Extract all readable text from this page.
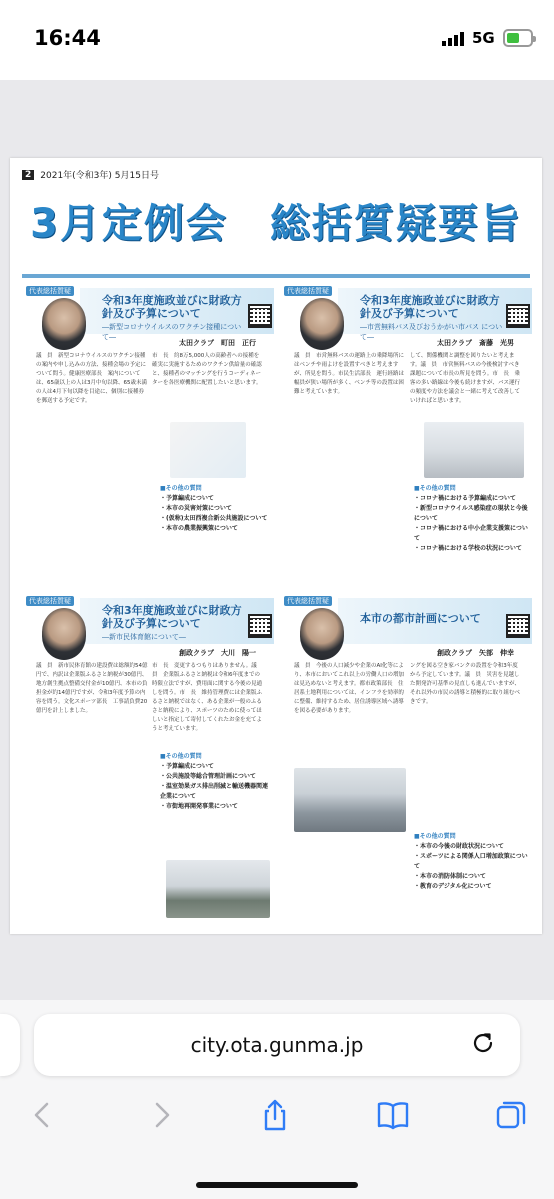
16:44	5G
2	2021年(令和3年) 5月15日号
3月定例会　総括質疑要旨
代表総括質疑
令和3年度施政並びに財政方針及び予算について
―新型コロナウイルスのワクチン接種について―
太田クラブ　町田　正行
議　員　新型コロナウイルスのワクチン接種の案内や申し込みの方法、接種会場の予定について問う。健康医療部長　案内については、65歳以上の人は3月中旬以降、65歳未満の人は4月下旬以降を目途に、個別に接種券を郵送する予定です。
市　長　約8万5,000人の高齢者への接種を確実に実施するためのワクチン供給量の確認と、接種者のマッチングを行うコーディネーターを各医療機関に配置したいと思います。
■その他の質問
・予算編成について
・本市の災害対策について
・(仮称)太田西複合新公共施設について
・本市の農業振興策について
代表総括質疑
令和3年度施政並びに財政方針及び予算について
―市営無料バス及びおうかがい市バス について―
太田クラブ　斎藤　光男
議　員　市営無料バスの運路上の乗降場所にはベンチや雨よけを設置すべきと考えますが、所見を問う。市民生活部長　運行経路は幅員が狭い場所が多く、ベンチ等の設置は困難と考えています。
して、関係機関と調整を図りたいと考えます。議　員　市営無料バスの今後検討すべき課題について市長の所見を問う。市　長　乗客の多い路線は今後も続けますが、バス運行の頻度や方法を議会と一緒に考えて改善していければと思います。
■その他の質問
・コロナ禍における予算編成について
・新型コロナウイルス感染症の現状と今後について
・コロナ禍における中小企業支援策について
・コロナ禍における学校の状況について
代表総括質疑
令和3年度施政並びに財政方針及び予算について
―新市民体育館について―
創政クラブ　大川　陽一
議　員　新市民体育館の建設費は総額約54億円で、内訳は企業版ふるさと納税が30億円、地方創生拠点整備交付金が10億円、本市の負担金が約14億円ですが、令和3年度予算の内容を問う。文化スポーツ部長　工事請負費20億円を計上しました。
市　長　変更するつもりはありません。議　員　企業版ふるさと納税は令和6年度までの時限立法ですが、費用面に関する今後の見通しを問う。市　長　維持管理費には企業版ふるさと納税ではなく、ある企業が一般のふるさと納税により、スポーツのために使ってほしいと指定して寄付してくれたお金を充てようと考えています。
■その他の質問
・予算編成について
・公共施設等総合管理計画について
・温室効果ガス排出削減と輸送機器関連企業について
・市街地再開発事業について
代表総括質疑
本市の都市計画について
創政クラブ　矢部　伸幸
議　員　今後の人口減少や企業のAI化等により、本市においてこれ以上の労働人口の増加は見込めないと考えます。都市政策部長　住居系土地利用については、インフラを効率的に整備、維持するため、居住誘導区域へ誘導を図る必要があります。
ングを図る空き家バンクの設置を令和3年度から予定しています。議　員　災害を見越した開発許可基準の見直しも進んでいますが、それ以外の市民の誘導と積極的に取り組むべきです。
■その他の質問
・本市の今後の財政状況について
・スポーツによる関係人口増加政策について
・本市の消防体制について
・教育のデジタル化について
city.ota.gunma.jp
